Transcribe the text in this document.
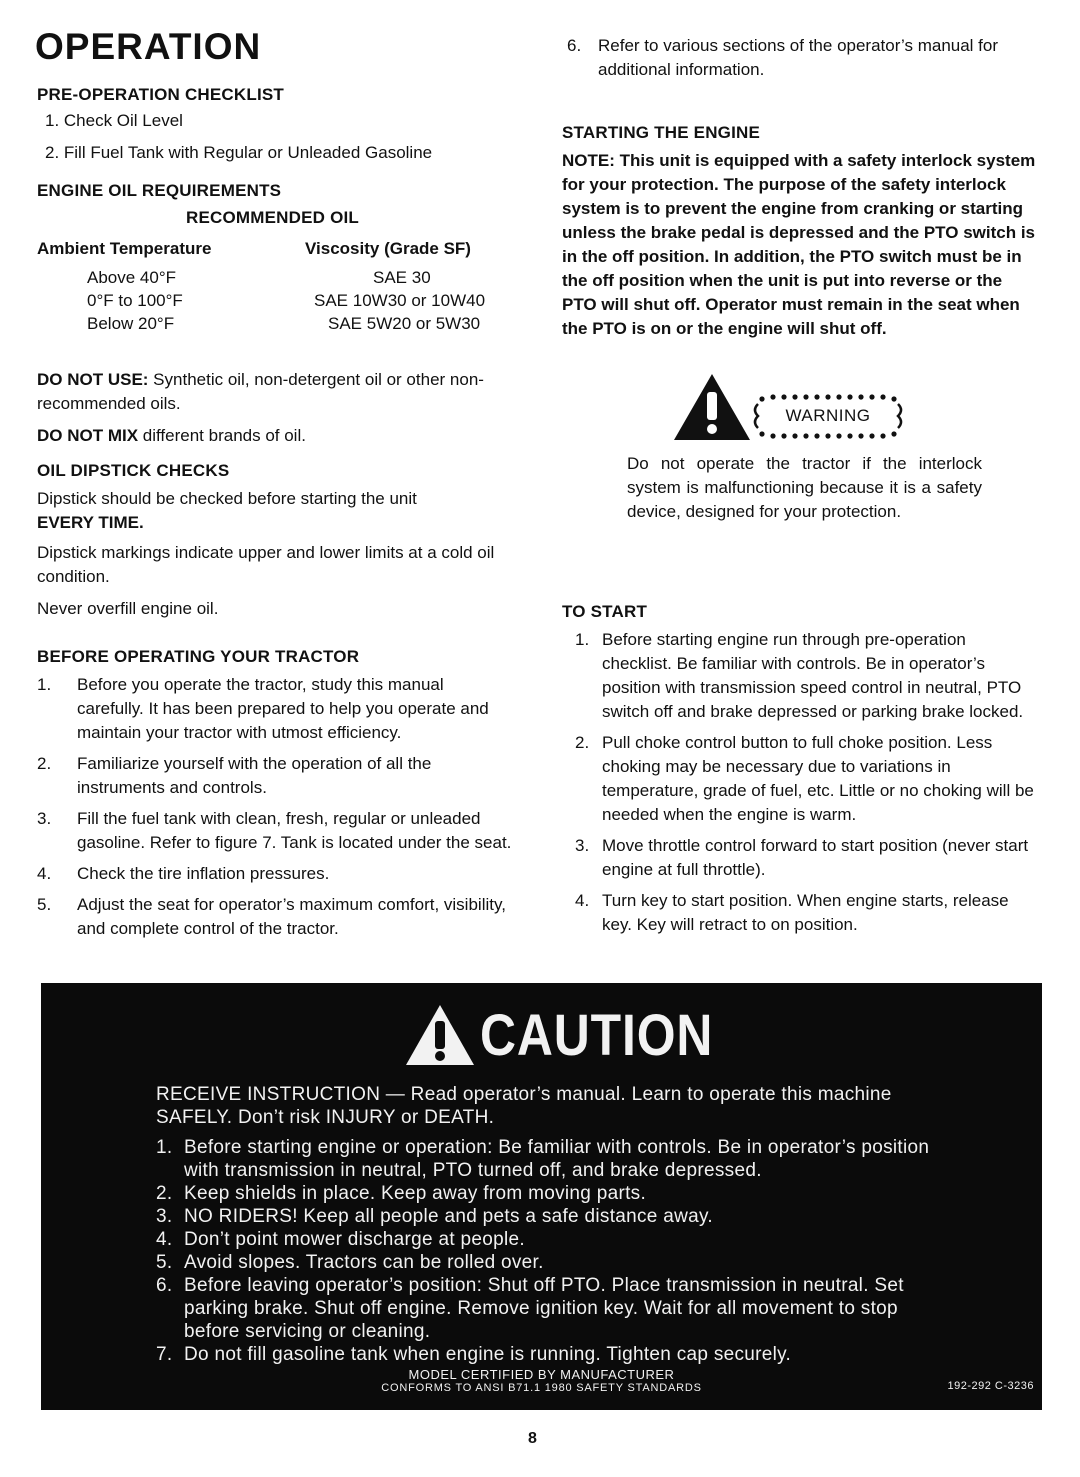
OPERATION
PRE-OPERATION CHECKLIST
1. Check Oil Level
2. Fill Fuel Tank with Regular or Unleaded Gasoline
ENGINE OIL REQUIREMENTS
RECOMMENDED OIL
Ambient Temperature	Viscosity (Grade SF)
Above 40°F	SAE 30
0°F to 100°F	SAE 10W30 or 10W40
Below 20°F	SAE 5W20 or 5W30
DO NOT USE: Synthetic oil, non-detergent oil or other non-recommended oils.
DO NOT MIX different brands of oil.
OIL DIPSTICK CHECKS
Dipstick should be checked before starting the unit
EVERY TIME.
Dipstick markings indicate upper and lower limits at a cold oil condition.
Never overfill engine oil.
BEFORE OPERATING YOUR TRACTOR
1. Before you operate the tractor, study this manual carefully. It has been prepared to help you operate and maintain your tractor with utmost efficiency.
2. Familiarize yourself with the operation of all the instruments and controls.
3. Fill the fuel tank with clean, fresh, regular or unleaded gasoline. Refer to figure 7. Tank is located under the seat.
4. Check the tire inflation pressures.
5. Adjust the seat for operator’s maximum comfort, visibility, and complete control of the tractor.
6. Refer to various sections of the operator’s manual for additional information.
STARTING THE ENGINE
NOTE: This unit is equipped with a safety interlock system for your protection. The purpose of the safety interlock system is to prevent the engine from cranking or starting unless the brake pedal is depressed and the PTO switch is in the off position. In addition, the PTO switch must be in the off position when the unit is put into reverse or the PTO will shut off. Operator must remain in the seat when the PTO is on or the engine will shut off.
WARNING
Do not operate the tractor if the interlock system is malfunctioning because it is a safety device, designed for your protection.
TO START
1. Before starting engine run through pre-operation checklist. Be familiar with controls. Be in operator’s position with transmission speed control in neutral, PTO switch off and brake depressed or parking brake locked.
2. Pull choke control button to full choke position. Less choking may be necessary due to variations in temperature, grade of fuel, etc. Little or no choking will be needed when the engine is warm.
3. Move throttle control forward to start position (never start engine at full throttle).
4. Turn key to start position. When engine starts, release key. Key will retract to on position.
CAUTION
RECEIVE INSTRUCTION — Read operator’s manual. Learn to operate this machine SAFELY. Don’t risk INJURY or DEATH.
1. Before starting engine or operation: Be familiar with controls. Be in operator’s position with transmission in neutral, PTO turned off, and brake depressed.
2. Keep shields in place. Keep away from moving parts.
3. NO RIDERS! Keep all people and pets a safe distance away.
4. Don’t point mower discharge at people.
5. Avoid slopes. Tractors can be rolled over.
6. Before leaving operator’s position: Shut off PTO. Place transmission in neutral. Set parking brake. Shut off engine. Remove ignition key. Wait for all movement to stop before servicing or cleaning.
7. Do not fill gasoline tank when engine is running. Tighten cap securely.
MODEL CERTIFIED BY MANUFACTURER
CONFORMS TO ANSI B71.1 1980 SAFETY STANDARDS	192-292 C-3236
8
